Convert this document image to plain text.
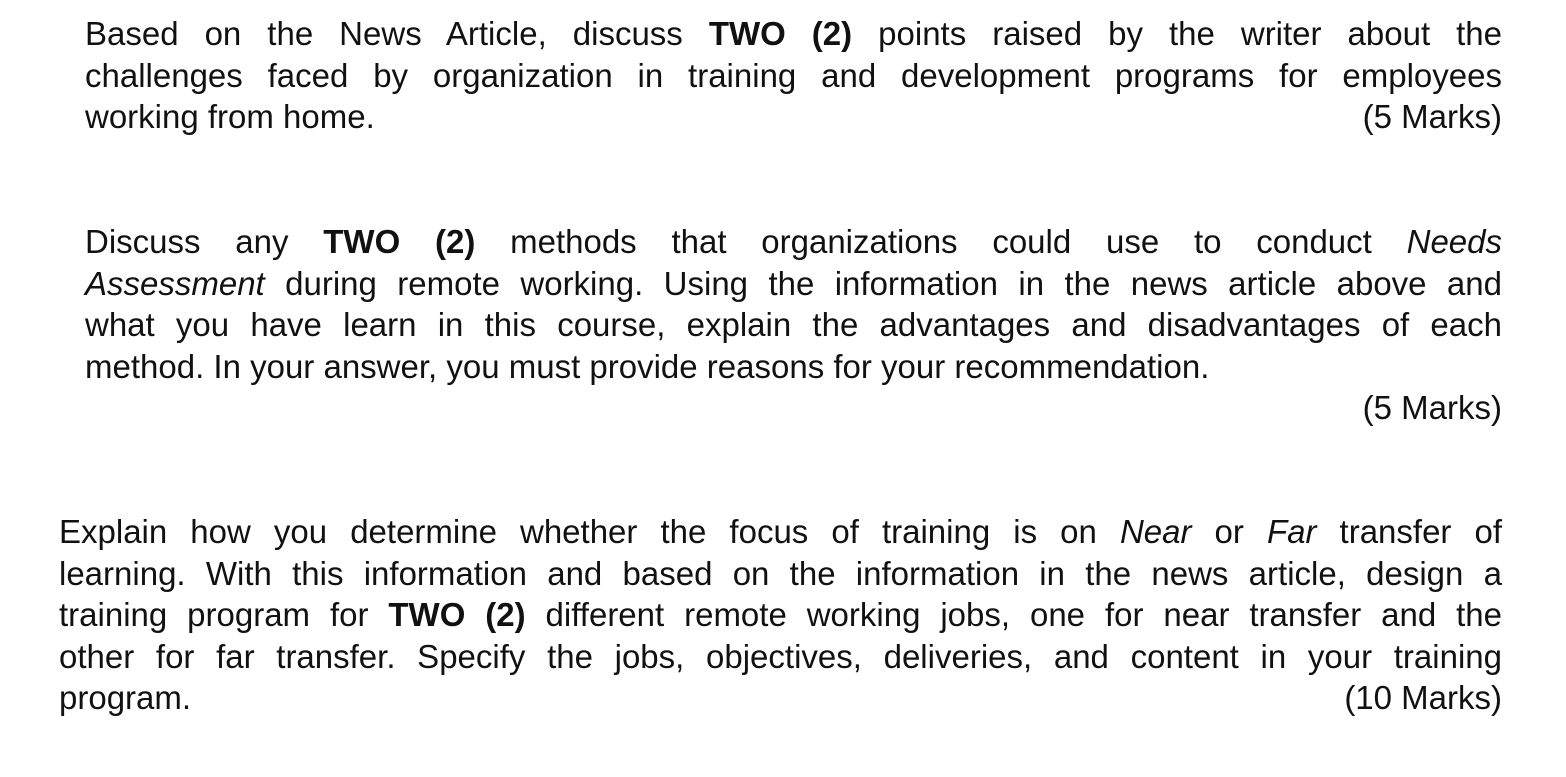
Based on the News Article, discuss TWO (2) points raised by the writer about the
challenges faced by organization in training and development programs for employees
working from home.	(5 Marks)
Discuss any TWO (2) methods that organizations could use to conduct Needs
Assessment during remote working. Using the information in the news article above and
what you have learn in this course, explain the advantages and disadvantages of each
method. In your answer, you must provide reasons for your recommendation.
(5 Marks)
Explain how you determine whether the focus of training is on Near or Far transfer of
learning. With this information and based on the information in the news article, design a
training program for TWO (2) different remote working jobs, one for near transfer and the
other for far transfer. Specify the jobs, objectives, deliveries, and content in your training
program.	(10 Marks)
